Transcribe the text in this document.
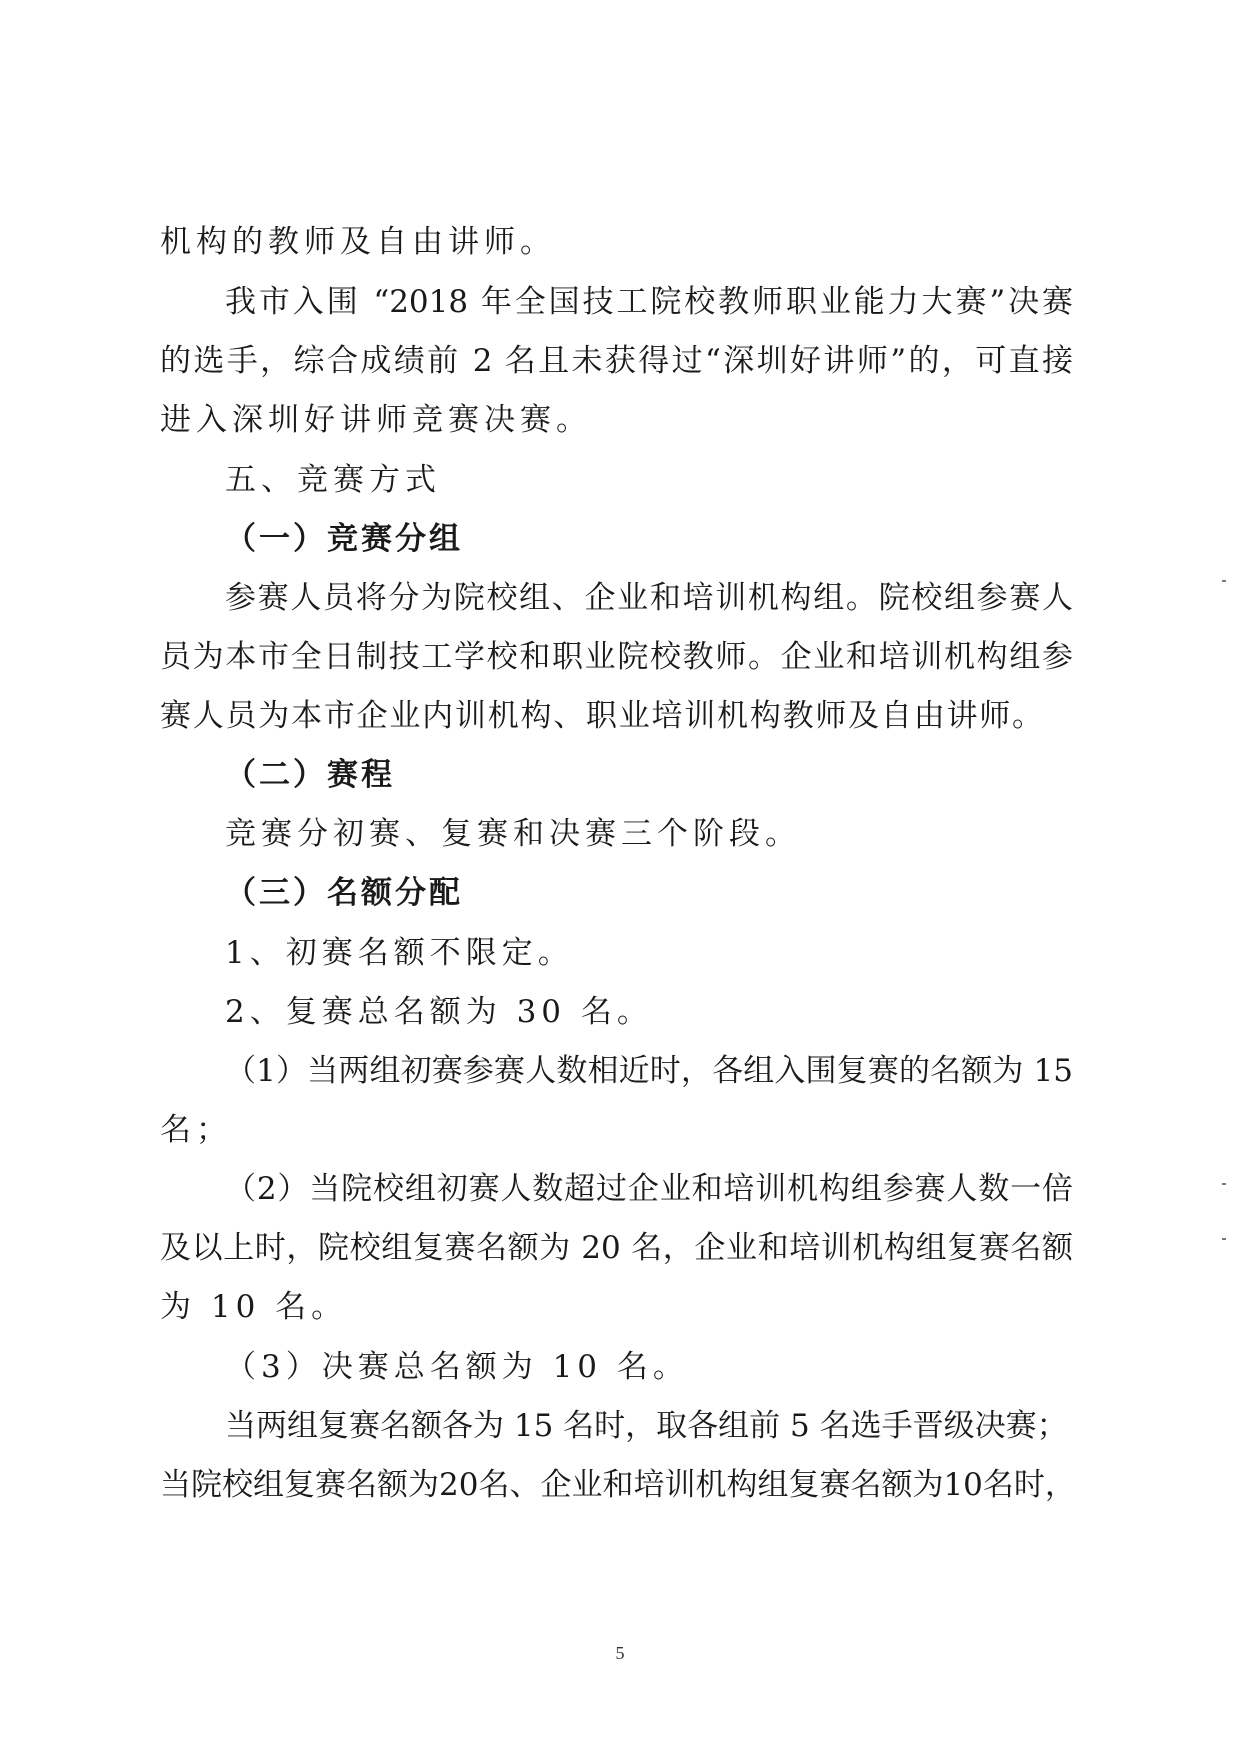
机构的教师及自由讲师。
我市入围 “2018 年全国技工院校教师职业能力大赛”决赛
的选手，综合成绩前 2 名且未获得过“深圳好讲师”的，可直接
进入深圳好讲师竞赛决赛。
五、竞赛方式
（一）竞赛分组
参赛人员将分为院校组、企业和培训机构组。院校组参赛人
员为本市全日制技工学校和职业院校教师。企业和培训机构组参
赛人员为本市企业内训机构、职业培训机构教师及自由讲师。
（二）赛程
竞赛分初赛、复赛和决赛三个阶段。
（三）名额分配
1、初赛名额不限定。
2、复赛总名额为 30 名。
（1）当两组初赛参赛人数相近时，各组入围复赛的名额为 15
名；
（2）当院校组初赛人数超过企业和培训机构组参赛人数一倍
及以上时，院校组复赛名额为 20 名，企业和培训机构组复赛名额
为 10 名。
（3）决赛总名额为 10 名。
当两组复赛名额各为 15 名时，取各组前 5 名选手晋级决赛；
当院校组复赛名额为20名、企业和培训机构组复赛名额为10名时，
5
